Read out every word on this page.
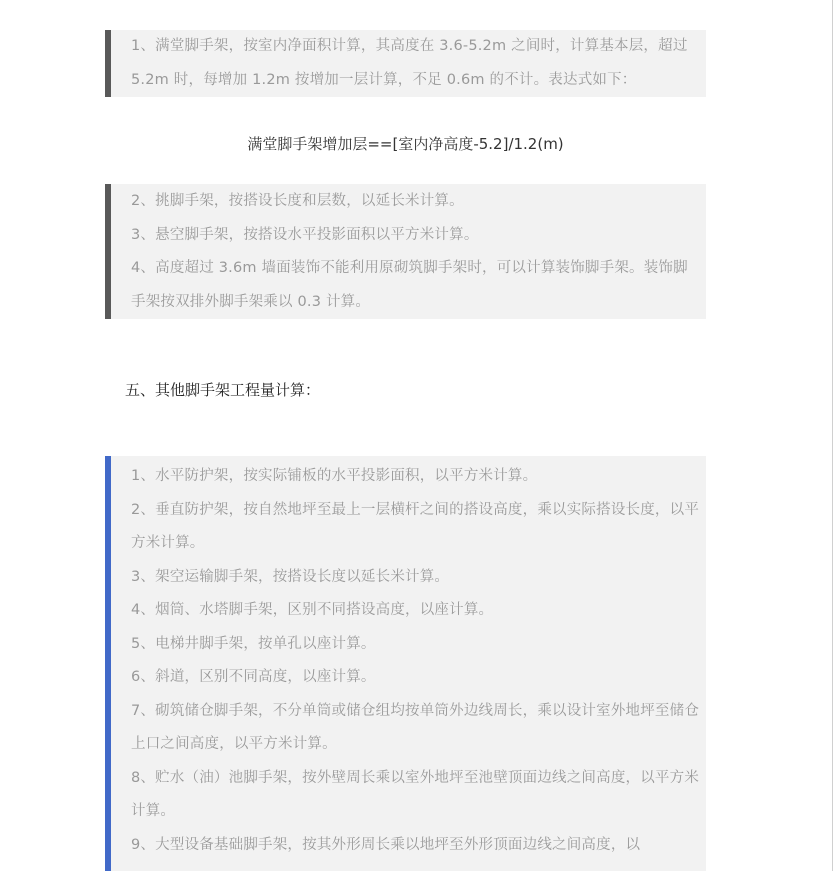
1、满堂脚手架，按室内净面积计算，其高度在 3.6-5.2m 之间时，计算基本层，超过 5.2m 时，每增加 1.2m 按增加一层计算，不足 0.6m 的不计。表达式如下：

满堂脚手架增加层==[室内净高度-5.2]/1.2(m)

2、挑脚手架，按搭设长度和层数，以延长米计算。

3、悬空脚手架，按搭设水平投影面积以平方米计算。

4、高度超过 3.6m 墙面装饰不能利用原砌筑脚手架时，可以计算装饰脚手架。装饰脚手架按双排外脚手架乘以 0.3 计算。

五、其他脚手架工程量计算：

1、水平防护架，按实际铺板的水平投影面积，以平方米计算。

2、垂直防护架，按自然地坪至最上一层横杆之间的搭设高度，乘以实际搭设长度，以平方米计算。

3、架空运输脚手架，按搭设长度以延长米计算。

4、烟筒、水塔脚手架，区别不同搭设高度，以座计算。

5、电梯井脚手架，按单孔以座计算。

6、斜道，区别不同高度，以座计算。

7、砌筑储仓脚手架，不分单筒或储仓组均按单筒外边线周长，乘以设计室外地坪至储仓上口之间高度，以平方米计算。

8、贮水（油）池脚手架，按外壁周长乘以室外地坪至池壁顶面边线之间高度，以平方米计算。

9、大型设备基础脚手架，按其外形周长乘以地坪至外形顶面边线之间高度，以
